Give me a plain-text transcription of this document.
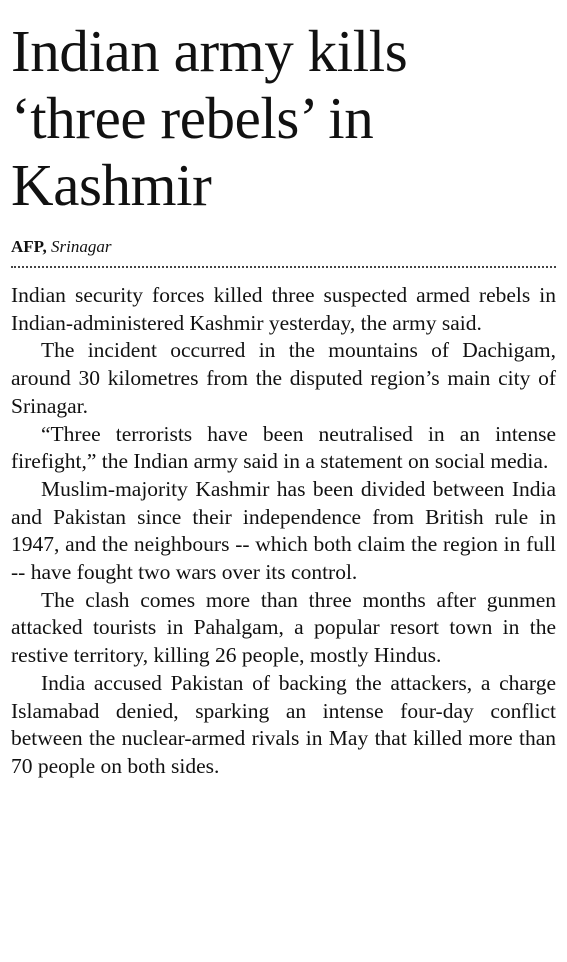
Indian army kills ‘three rebels’ in Kashmir
AFP, Srinagar

Indian security forces killed three suspected armed rebels in Indian-administered Kashmir yesterday, the army said.

The incident occurred in the mountains of Dachigam, around 30 kilometres from the disputed region’s main city of Srinagar.

“Three terrorists have been neutralised in an intense firefight,” the Indian army said in a statement on social media.

Muslim-majority Kashmir has been divided between India and Pakistan since their independence from British rule in 1947, and the neighbours -- which both claim the region in full -- have fought two wars over its control.

The clash comes more than three months after gunmen attacked tourists in Pahalgam, a popular resort town in the restive territory, killing 26 people, mostly Hindus.

India accused Pakistan of backing the attackers, a charge Islamabad denied, sparking an intense four-day conflict between the nuclear-armed rivals in May that killed more than 70 people on both sides.
